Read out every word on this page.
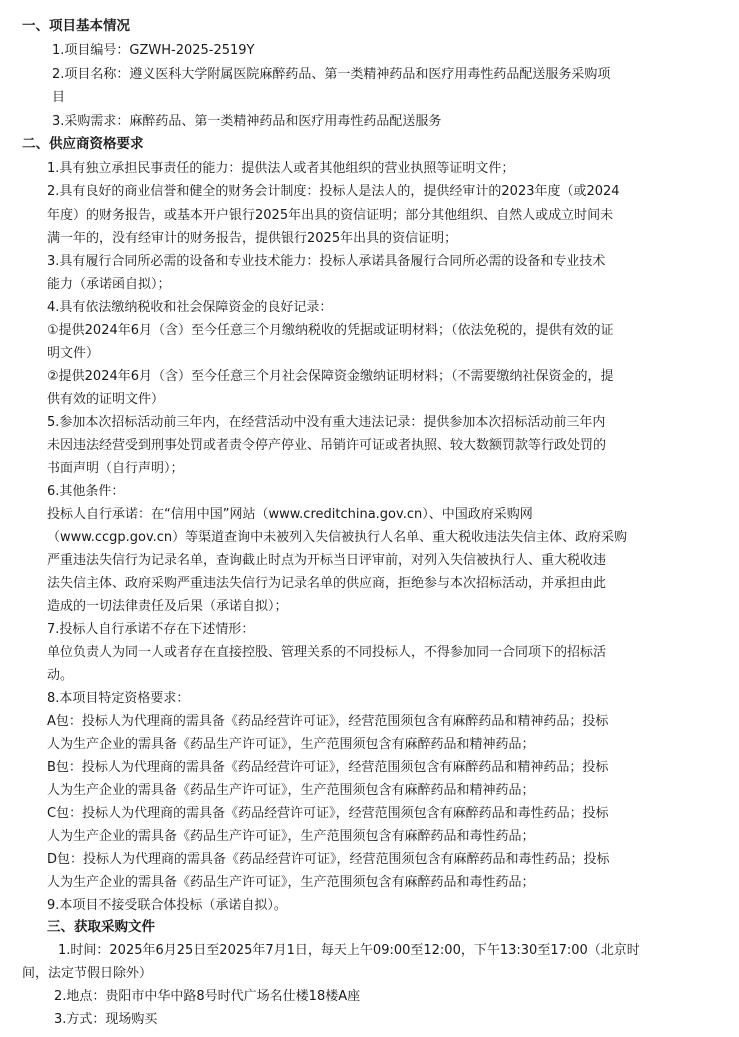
一、项目基本情况
1.项目编号：GZWH-2025-2519Y
2.项目名称：遵义医科大学附属医院麻醉药品、第一类精神药品和医疗用毒性药品配送服务采购项
目
3.采购需求：麻醉药品、第一类精神药品和医疗用毒性药品配送服务
二、供应商资格要求
1.具有独立承担民事责任的能力：提供法人或者其他组织的营业执照等证明文件；
2.具有良好的商业信誉和健全的财务会计制度：投标人是法人的，提供经审计的2023年度（或2024
年度）的财务报告，或基本开户银行2025年出具的资信证明；部分其他组织、自然人或成立时间未
满一年的，没有经审计的财务报告，提供银行2025年出具的资信证明；
3.具有履行合同所必需的设备和专业技术能力：投标人承诺具备履行合同所必需的设备和专业技术
能力（承诺函自拟）；
4.具有依法缴纳税收和社会保障资金的良好记录：
①提供2024年6月（含）至今任意三个月缴纳税收的凭据或证明材料；（依法免税的，提供有效的证
明文件）
②提供2024年6月（含）至今任意三个月社会保障资金缴纳证明材料；（不需要缴纳社保资金的，提
供有效的证明文件）
5.参加本次招标活动前三年内，在经营活动中没有重大违法记录：提供参加本次招标活动前三年内
未因违法经营受到刑事处罚或者责令停产停业、吊销许可证或者执照、较大数额罚款等行政处罚的
书面声明（自行声明）；
6.其他条件：
投标人自行承诺：在“信用中国”网站（www.creditchina.gov.cn）、中国政府采购网
（www.ccgp.gov.cn）等渠道查询中未被列入失信被执行人名单、重大税收违法失信主体、政府采购
严重违法失信行为记录名单，查询截止时点为开标当日评审前，对列入失信被执行人、重大税收违
法失信主体、政府采购严重违法失信行为记录名单的供应商，拒绝参与本次招标活动，并承担由此
造成的一切法律责任及后果（承诺自拟）；
7.投标人自行承诺不存在下述情形：
单位负责人为同一人或者存在直接控股、管理关系的不同投标人，不得参加同一合同项下的招标活
动。
8.本项目特定资格要求：
A包：投标人为代理商的需具备《药品经营许可证》，经营范围须包含有麻醉药品和精神药品；投标
人为生产企业的需具备《药品生产许可证》，生产范围须包含有麻醉药品和精神药品；
B包：投标人为代理商的需具备《药品经营许可证》，经营范围须包含有麻醉药品和精神药品；投标
人为生产企业的需具备《药品生产许可证》，生产范围须包含有麻醉药品和精神药品；
C包：投标人为代理商的需具备《药品经营许可证》，经营范围须包含有麻醉药品和毒性药品；投标
人为生产企业的需具备《药品生产许可证》，生产范围须包含有麻醉药品和毒性药品；
D包：投标人为代理商的需具备《药品经营许可证》，经营范围须包含有麻醉药品和毒性药品；投标
人为生产企业的需具备《药品生产许可证》，生产范围须包含有麻醉药品和毒性药品；
9.本项目不接受联合体投标（承诺自拟）。
三、获取采购文件
1.时间：2025年6月25日至2025年7月1日，每天上午09:00至12:00，下午13:30至17:00（北京时
间，法定节假日除外）
2.地点：贵阳市中华中路8号时代广场名仕楼18楼A座
3.方式：现场购买
